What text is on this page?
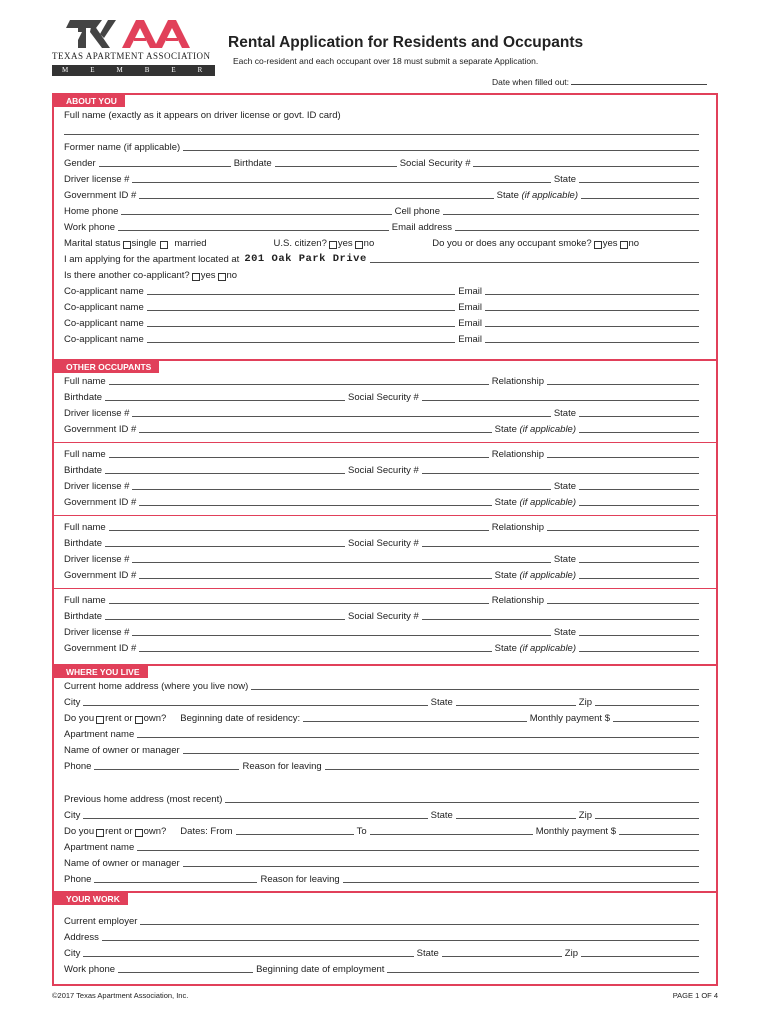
TEXAS APARTMENT ASSOCIATION
MEMBER
Rental Application for Residents and Occupants
Each co-resident and each occupant over 18 must submit a separate Application.
Date when filled out:
ABOUT YOU
Full name (exactly as it appears on driver license or govt. ID card)
Former name (if applicable)
Gender	Birthdate	Social Security #
Driver license #	State
Government ID #	State (if applicable)
Home phone	Cell phone
Work phone	Email address
Marital status single married	U.S. citizen? yes no	Do you or does any occupant smoke? yes no
I am applying for the apartment located at 201 Oak Park Drive
Is there another co-applicant? yes no
Co-applicant name	Email
Co-applicant name	Email
Co-applicant name	Email
Co-applicant name	Email
OTHER OCCUPANTS
Full name	Relationship
Birthdate	Social Security #
Driver license #	State
Government ID #	State (if applicable)
Full name	Relationship
Birthdate	Social Security #
Driver license #	State
Government ID #	State (if applicable)
Full name	Relationship
Birthdate	Social Security #
Driver license #	State
Government ID #	State (if applicable)
Full name	Relationship
Birthdate	Social Security #
Driver license #	State
Government ID #	State (if applicable)
WHERE YOU LIVE
Current home address (where you live now)
City	State	Zip
Do you rent or own? Beginning date of residency:	Monthly payment $
Apartment name
Name of owner or manager
Phone	Reason for leaving
Previous home address (most recent)
City	State	Zip
Do you rent or own? Dates: From	To	Monthly payment $
Apartment name
Name of owner or manager
Phone	Reason for leaving
YOUR WORK
Current employer
Address
City	State	Zip
Work phone	Beginning date of employment
©2017 Texas Apartment Association, Inc.	PAGE 1 OF 4
